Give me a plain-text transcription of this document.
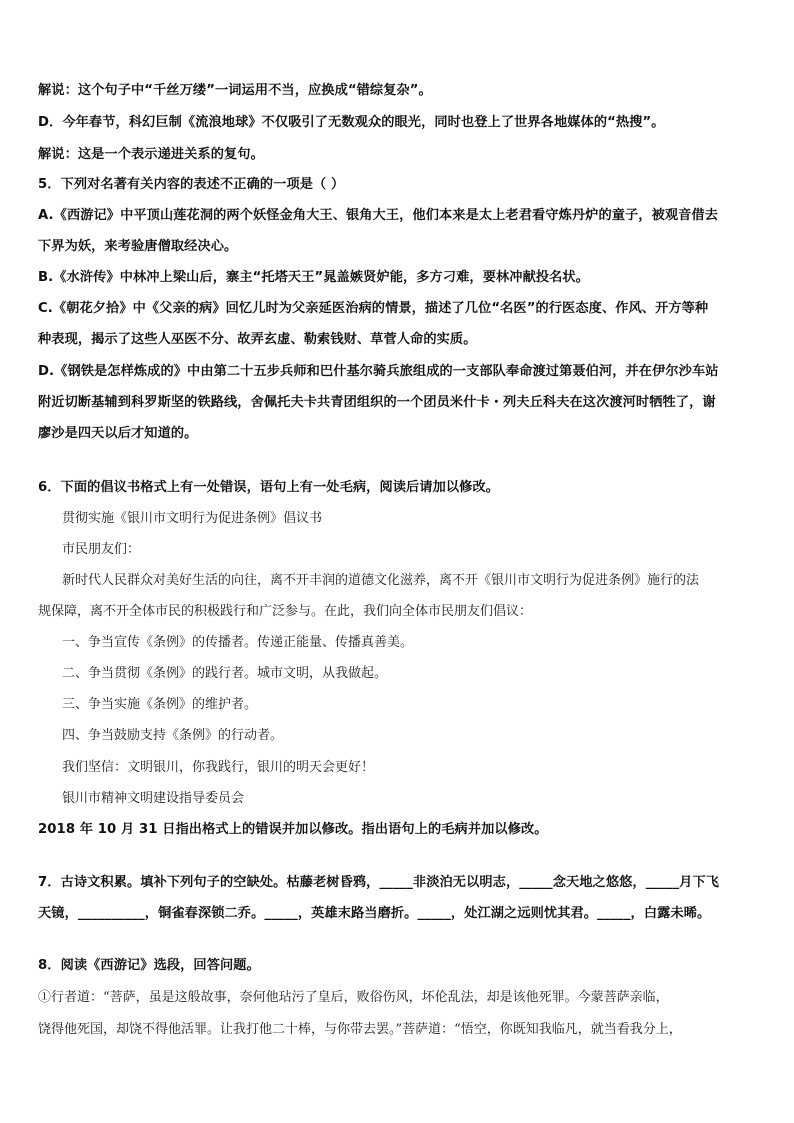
解说：这个句子中“千丝万缕”一词运用不当，应换成“错综复杂”。
D．今年春节，科幻巨制《流浪地球》不仅吸引了无数观众的眼光，同时也登上了世界各地媒体的“热搜”。
解说：这是一个表示递进关系的复句。
5．下列对名著有关内容的表述不正确的一项是（ ）
A.《西游记》中平顶山莲花洞的两个妖怪金角大王、银角大王，他们本来是太上老君看守炼丹炉的童子，被观音借去
下界为妖，来考验唐僧取经决心。
B.《水浒传》中林冲上梁山后，寨主“托塔天王”晁盖嫉贤妒能，多方刁难，要林冲献投名状。
C.《朝花夕拾》中《父亲的病》回忆儿时为父亲延医治病的情景，描述了几位“名医”的行医态度、作风、开方等种
种表现，揭示了这些人巫医不分、故弄玄虚、勒索钱财、草菅人命的实质。
D.《钢铁是怎样炼成的》中由第二十五步兵师和巴什基尔骑兵旅组成的一支部队奉命渡过第聂伯河，并在伊尔沙车站
附近切断基辅到科罗斯坚的铁路线，舍佩托夫卡共青团组织的一个团员米什卡・列夫丘科夫在这次渡河时牺牲了，谢
廖沙是四天以后才知道的。
6．下面的倡议书格式上有一处错误，语句上有一处毛病，阅读后请加以修改。
贯彻实施《银川市文明行为促进条例》倡议书
市民朋友们：
新时代人民群众对美好生活的向往，离不开丰润的道德文化滋养，离不开《银川市文明行为促进条例》施行的法
规保障，离不开全体市民的积极践行和广泛参与。在此，我们向全体市民朋友们倡议：
一、争当宣传《条例》的传播者。传递正能量、传播真善美。
二、争当贯彻《条例》的践行者。城市文明，从我做起。
三、争当实施《条例》的维护者。
四、争当鼓励支持《条例》的行动者。
我们坚信：文明银川，你我践行，银川的明天会更好！
银川市精神文明建设指导委员会
2018 年 10 月 31 日指出格式上的错误并加以修改。指出语句上的毛病并加以修改。
7．古诗文积累。填补下列句子的空缺处。枯藤老树昏鸦，_____非淡泊无以明志，_____念天地之悠悠，_____月下飞
天镜，__________，铜雀春深锁二乔。_____，英雄末路当磨折。_____，处江湖之远则忧其君。_____，白露未晞。
8．阅读《西游记》选段，回答问题。
①行者道：“菩萨，虽是这般故事，奈何他玷污了皇后，败俗伤风，坏伦乱法，却是该他死罪。今蒙菩萨亲临，
饶得他死国，却饶不得他活罪。让我打他二十棒，与你带去罢。”菩萨道：“悟空，你既知我临凡，就当看我分上，
